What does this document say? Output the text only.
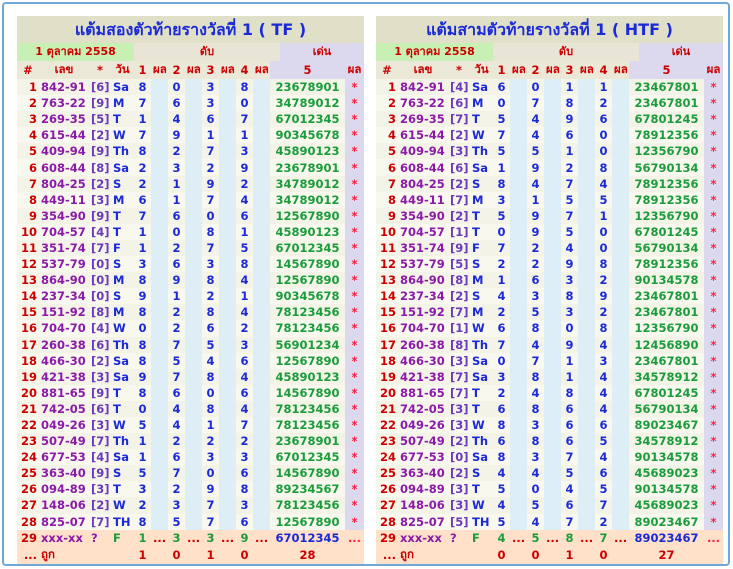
แต้มสองตัวท้ายรางวัลที่ 1 ( TF )
1 ตุลาคม 2558	ดับ	เด่น
#	เลข	*	วัน	1	ผล	2	ผล	3	ผล	4	ผล	5	ผล
1	842-91	[6]	Sa	8		0		3		8		23678901	*
2	763-22	[9]	M	7		6		3		0		34789012	*
3	269-35	[5]	T	1		4		6		7		67012345	*
4	615-44	[2]	W	7		9		1		1		90345678	*
5	409-94	[9]	Th	8		2		7		3		45890123	*
6	608-44	[8]	Sa	2		3		2		9		23678901	*
7	804-25	[2]	S	2		1		9		2		34789012	*
8	449-11	[3]	M	6		1		7		4		34789012	*
9	354-90	[9]	T	7		6		0		6		12567890	*
10	704-57	[4]	T	1		0		8		1		45890123	*
11	351-74	[7]	F	1		2		7		5		67012345	*
12	537-79	[0]	S	3		6		3		8		14567890	*
13	864-90	[0]	M	8		9		8		4		12567890	*
14	237-34	[0]	S	9		1		2		1		90345678	*
15	151-92	[8]	M	8		2		8		4		78123456	*
16	704-70	[4]	W	0		2		6		2		78123456	*
17	260-38	[6]	Th	8		7		5		3		56901234	*
18	466-30	[2]	Sa	8		5		4		6		12567890	*
19	421-38	[3]	Sa	9		7		8		4		45890123	*
20	881-65	[9]	T	8		6		0		6		14567890	*
21	742-05	[6]	T	0		4		8		4		78123456	*
22	049-26	[3]	W	5		4		1		7		78123456	*
23	507-49	[7]	Th	1		2		2		2		23678901	*
24	677-53	[4]	Sa	1		6		3		3		67012345	*
25	363-40	[9]	S	5		7		0		6		14567890	*
26	094-89	[3]	T	3		2		9		8		89234567	*
27	148-06	[2]	W	2		3		7		3		78123456	*
28	825-07	[7]	TH	8		5		7		6		12567890	*
29	xxx-xx	?	F	1	...	3	...	3	...	9	...	67012345	...
...	ถูก			1		0		1		0		28	
แต้มสามตัวท้ายรางวัลที่ 1 ( HTF )
1 ตุลาคม 2558	ดับ	เด่น
#	เลข	*	วัน	1	ผล	2	ผล	3	ผล	4	ผล	5	ผล
1	842-91	[4]	Sa	6		0		1		1		23467801	*
2	763-22	[6]	M	0		7		8		2		23467801	*
3	269-35	[7]	T	5		4		9		6		67801245	*
4	615-44	[2]	W	7		4		6		0		78912356	*
5	409-94	[3]	Th	5		5		1		0		12356790	*
6	608-44	[6]	Sa	1		9		2		8		56790134	*
7	804-25	[2]	S	8		4		7		4		78912356	*
8	449-11	[7]	M	3		1		5		5		78912356	*
9	354-90	[2]	T	5		9		7		1		12356790	*
10	704-57	[1]	T	0		9		5		0		67801245	*
11	351-74	[9]	F	7		2		4		0		56790134	*
12	537-79	[5]	S	2		2		9		8		78912356	*
13	864-90	[8]	M	1		6		3		2		90134578	*
14	237-34	[2]	S	4		3		8		9		23467801	*
15	151-92	[7]	M	2		5		3		2		23467801	*
16	704-70	[1]	W	6		8		0		8		12356790	*
17	260-38	[8]	Th	7		4		9		4		12456890	*
18	466-30	[3]	Sa	0		7		1		3		23467801	*
19	421-38	[7]	Sa	3		8		1		4		34578912	*
20	881-65	[7]	T	2		4		8		4		67801245	*
21	742-05	[3]	T	6		8		6		4		56790134	*
22	049-26	[3]	W	8		3		6		6		89023467	*
23	507-49	[2]	Th	6		8		6		5		34578912	*
24	677-53	[0]	Sa	8		3		7		4		90134578	*
25	363-40	[2]	S	4		4		5		6		45689023	*
26	094-89	[3]	T	5		0		4		5		90134578	*
27	148-06	[3]	W	4		5		6		7		45689023	*
28	825-07	[5]	TH	5		4		7		2		89023467	*
29	xxx-xx	?	F	4	...	5	...	8	...	7	...	89023467	...
...	ถูก			0		0		1		0		27	
